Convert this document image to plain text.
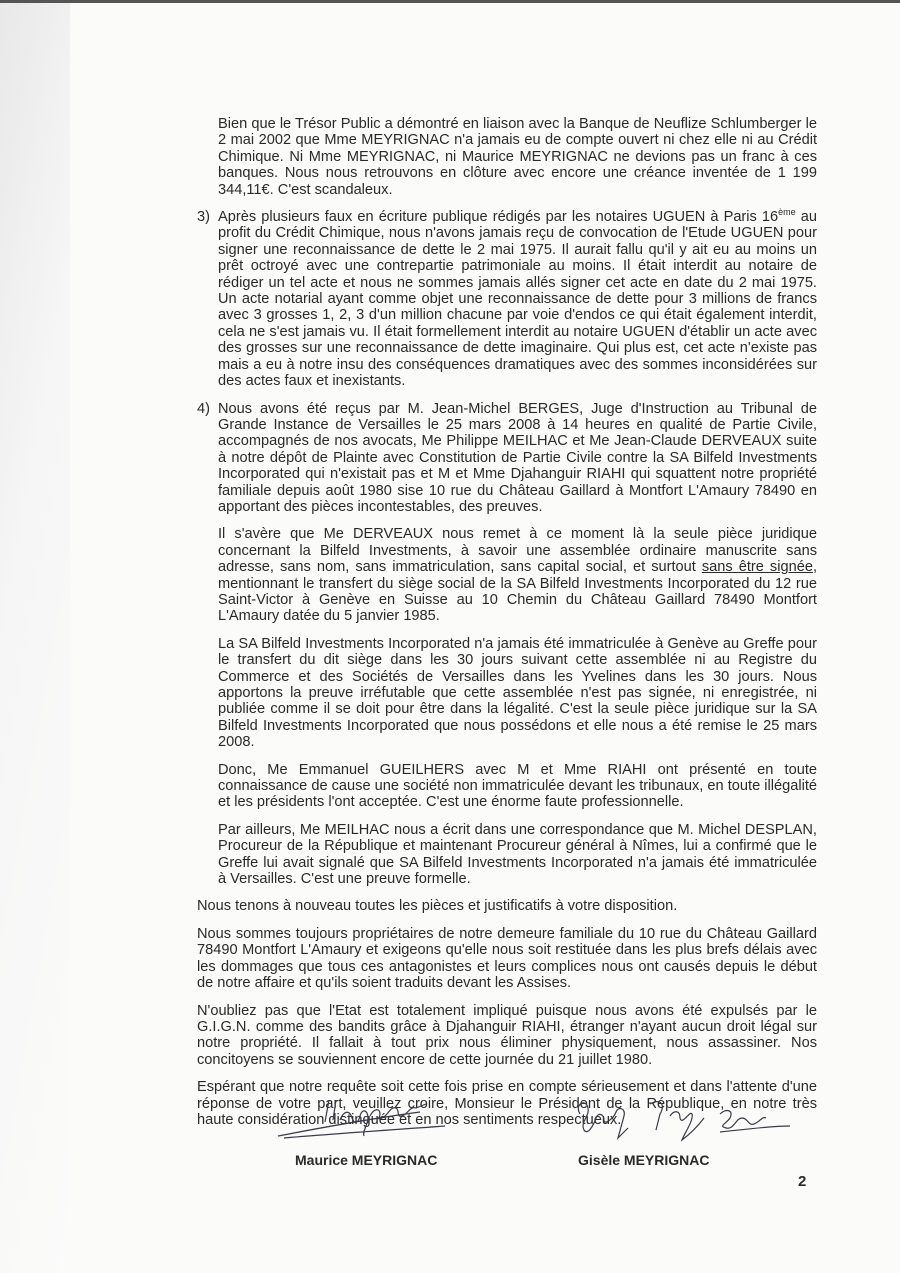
Bien que le Trésor Public a démontré en liaison avec la Banque de Neuflize Schlumberger le 2 mai 2002 que Mme MEYRIGNAC n'a jamais eu de compte ouvert ni chez elle ni au Crédit Chimique. Ni Mme MEYRIGNAC, ni Maurice MEYRIGNAC ne devions pas un franc à ces banques. Nous nous retrouvons en clôture avec encore une créance inventée de 1 199 344,11€. C'est scandaleux.

3) Après plusieurs faux en écriture publique rédigés par les notaires UGUEN à Paris 16ème au profit du Crédit Chimique, nous n'avons jamais reçu de convocation de l'Etude UGUEN pour signer une reconnaissance de dette le 2 mai 1975. Il aurait fallu qu'il y ait eu au moins un prêt octroyé avec une contrepartie patrimoniale au moins. Il était interdit au notaire de rédiger un tel acte et nous ne sommes jamais allés signer cet acte en date du 2 mai 1975. Un acte notarial ayant comme objet une reconnaissance de dette pour 3 millions de francs avec 3 grosses 1, 2, 3 d'un million chacune par voie d'endos ce qui était également interdit, cela ne s'est jamais vu. Il était formellement interdit au notaire UGUEN d'établir un acte avec des grosses sur une reconnaissance de dette imaginaire. Qui plus est, cet acte n'existe pas mais a eu à notre insu des conséquences dramatiques avec des sommes inconsidérées sur des actes faux et inexistants.

4) Nous avons été reçus par M. Jean-Michel BERGES, Juge d'Instruction au Tribunal de Grande Instance de Versailles le 25 mars 2008 à 14 heures en qualité de Partie Civile, accompagnés de nos avocats, Me Philippe MEILHAC et Me Jean-Claude DERVEAUX suite à notre dépôt de Plainte avec Constitution de Partie Civile contre la SA Bilfeld Investments Incorporated qui n'existait pas et M et Mme Djahanguir RIAHI qui squattent notre propriété familiale depuis août 1980 sise 10 rue du Château Gaillard à Montfort L'Amaury 78490 en apportant des pièces incontestables, des preuves.

Il s'avère que Me DERVEAUX nous remet à ce moment là la seule pièce juridique concernant la Bilfeld Investments, à savoir une assemblée ordinaire manuscrite sans adresse, sans nom, sans immatriculation, sans capital social, et surtout sans être signée, mentionnant le transfert du siège social de la SA Bilfeld Investments Incorporated du 12 rue Saint-Victor à Genève en Suisse au 10 Chemin du Château Gaillard 78490 Montfort L'Amaury datée du 5 janvier 1985.

La SA Bilfeld Investments Incorporated n'a jamais été immatriculée à Genève au Greffe pour le transfert du dit siège dans les 30 jours suivant cette assemblée ni au Registre du Commerce et des Sociétés de Versailles dans les Yvelines dans les 30 jours. Nous apportons la preuve irréfutable que cette assemblée n'est pas signée, ni enregistrée, ni publiée comme il se doit pour être dans la légalité. C'est la seule pièce juridique sur la SA Bilfeld Investments Incorporated que nous possédons et elle nous a été remise le 25 mars 2008.

Donc, Me Emmanuel GUEILHERS avec M et Mme RIAHI ont présenté en toute connaissance de cause une société non immatriculée devant les tribunaux, en toute illégalité et les présidents l'ont acceptée. C'est une énorme faute professionnelle.

Par ailleurs, Me MEILHAC nous a écrit dans une correspondance que M. Michel DESPLAN, Procureur de la République et maintenant Procureur général à Nîmes, lui a confirmé que le Greffe lui avait signalé que SA Bilfeld Investments Incorporated n'a jamais été immatriculée à Versailles. C'est une preuve formelle.

Nous tenons à nouveau toutes les pièces et justificatifs à votre disposition.

Nous sommes toujours propriétaires de notre demeure familiale du 10 rue du Château Gaillard 78490 Montfort L'Amaury et exigeons qu'elle nous soit restituée dans les plus brefs délais avec les dommages que tous ces antagonistes et leurs complices nous ont causés depuis le début de notre affaire et qu'ils soient traduits devant les Assises.

N'oubliez pas que l'Etat est totalement impliqué puisque nous avons été expulsés par le G.I.G.N. comme des bandits grâce à Djahanguir RIAHI, étranger n'ayant aucun droit légal sur notre propriété. Il fallait à tout prix nous éliminer physiquement, nous assassiner. Nos concitoyens se souviennent encore de cette journée du 21 juillet 1980.

Espérant que notre requête soit cette fois prise en compte sérieusement et dans l'attente d'une réponse de votre part, veuillez croire, Monsieur le Président de la République, en notre très haute considération distinguée et en nos sentiments respectueux.

Maurice MEYRIGNAC	Gisèle MEYRIGNAC
2
